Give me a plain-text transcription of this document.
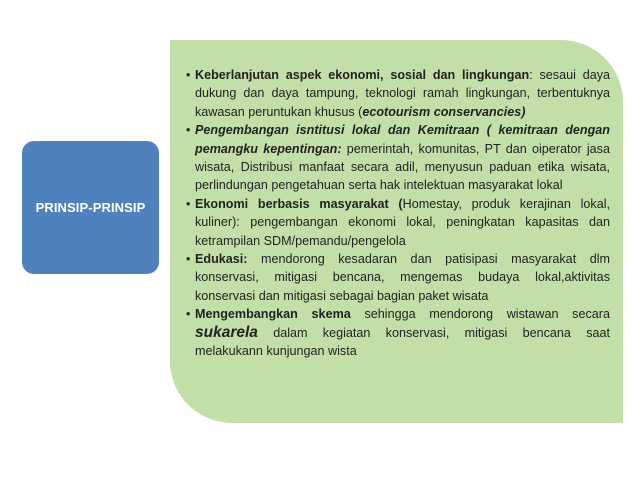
PRINSIP-PRINSIP
• Keberlanjutan aspek ekonomi, sosial dan lingkungan: sesaui daya dukung dan daya tampung, teknologi ramah lingkungan, terbentuknya kawasan peruntukan khusus (ecotourism conservancies)
• Pengembangan isntitusi lokal dan Kemitraan ( kemitraan dengan pemangku kepentingan: pemerintah, komunitas, PT dan oiperator jasa wisata, Distribusi manfaat secara adil, menyusun paduan etika wisata, perlindungan pengetahuan serta hak intelektuan masyarakat lokal
• Ekonomi berbasis masyarakat (Homestay, produk kerajinan lokal, kuliner): pengembangan ekonomi lokal, peningkatan kapasitas dan ketrampilan SDM/pemandu/pengelola
• Edukasi: mendorong kesadaran dan patisipasi masyarakat dlm konservasi, mitigasi bencana, mengemas budaya lokal,aktivitas konservasi dan mitigasi sebagai bagian paket wisata
• Mengembangkan skema sehingga mendorong wistawan secara sukarela dalam kegiatan konservasi, mitigasi bencana saat melakukann kunjungan wista
